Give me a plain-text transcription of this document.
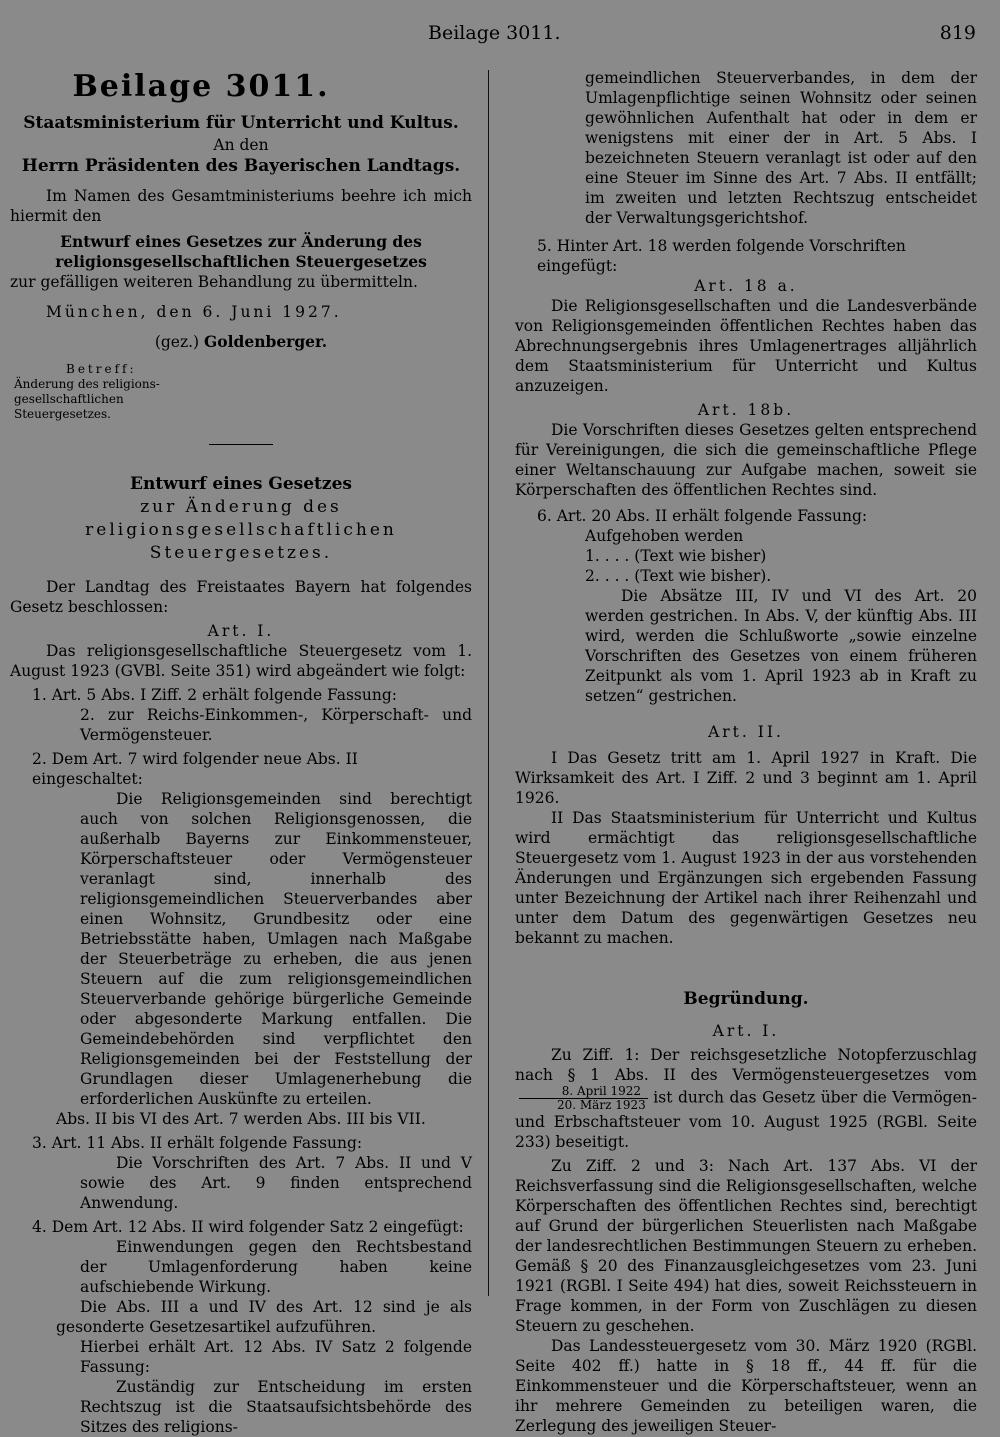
Beilage 3011.	819

Beilage 3011.

Staatsministerium für Unterricht und Kultus.

An den

Herrn Präsidenten des Bayerischen Landtags.

Im Namen des Gesamtministeriums beehre ich mich hiermit den

Entwurf eines Gesetzes zur Änderung des religionsgesellschaftlichen Steuergesetzes

zur gefälligen weiteren Behandlung zu übermitteln.

München, den 6. Juni 1927.

(gez.) Goldenberger.

Betreff:

Änderung des religions-gesellschaftlichen Steuergesetzes.

Entwurf eines Gesetzes

zur Änderung des religionsgesellschaftlichen Steuergesetzes.

Der Landtag des Freistaates Bayern hat folgendes Gesetz beschlossen:

Art. I.

Das religionsgesellschaftliche Steuergesetz vom 1. August 1923 (GVBl. Seite 351) wird abgeändert wie folgt:

1. Art. 5 Abs. I Ziff. 2 erhält folgende Fassung:

2. zur Reichs-Einkommen-, Körperschaft- und Vermögensteuer.

2. Dem Art. 7 wird folgender neue Abs. II eingeschaltet:

Die Religionsgemeinden sind berechtigt auch von solchen Religionsgenossen, die außerhalb Bayerns zur Einkommensteuer, Körperschaftsteuer oder Vermögensteuer veranlagt sind, innerhalb des religionsgemeindlichen Steuerverbandes aber einen Wohnsitz, Grundbesitz oder eine Betriebsstätte haben, Umlagen nach Maßgabe der Steuerbeträge zu erheben, die aus jenen Steuern auf die zum religionsgemeindlichen Steuerverbande gehörige bürgerliche Gemeinde oder abgesonderte Markung entfallen. Die Gemeindebehörden sind verpflichtet den Religionsgemeinden bei der Feststellung der Grundlagen dieser Umlagenerhebung die erforderlichen Auskünfte zu erteilen.

Abs. II bis VI des Art. 7 werden Abs. III bis VII.

3. Art. 11 Abs. II erhält folgende Fassung:

Die Vorschriften des Art. 7 Abs. II und V sowie des Art. 9 finden entsprechend Anwendung.

4. Dem Art. 12 Abs. II wird folgender Satz 2 eingefügt:

Einwendungen gegen den Rechtsbestand der Umlagenforderung haben keine aufschiebende Wirkung.

Die Abs. III a und IV des Art. 12 sind je als gesonderte Gesetzesartikel aufzuführen.

Hierbei erhält Art. 12 Abs. IV Satz 2 folgende Fassung:

Zuständig zur Entscheidung im ersten Rechtszug ist die Staatsaufsichtsbehörde des Sitzes des religions-

gemeindlichen Steuerverbandes, in dem der Umlagenpflichtige seinen Wohnsitz oder seinen gewöhnlichen Aufenthalt hat oder in dem er wenigstens mit einer der in Art. 5 Abs. I bezeichneten Steuern veranlagt ist oder auf den eine Steuer im Sinne des Art. 7 Abs. II entfällt; im zweiten und letzten Rechtszug entscheidet der Verwaltungsgerichtshof.

5. Hinter Art. 18 werden folgende Vorschriften eingefügt:

Art. 18 a.

Die Religionsgesellschaften und die Landesverbände von Religionsgemeinden öffentlichen Rechtes haben das Abrechnungsergebnis ihres Umlagenertrages alljährlich dem Staatsministerium für Unterricht und Kultus anzuzeigen.

Art. 18b.

Die Vorschriften dieses Gesetzes gelten entsprechend für Vereinigungen, die sich die gemeinschaftliche Pflege einer Weltanschauung zur Aufgabe machen, soweit sie Körperschaften des öffentlichen Rechtes sind.

6. Art. 20 Abs. II erhält folgende Fassung:

Aufgehoben werden

1. . . . (Text wie bisher)

2. . . . (Text wie bisher).

Die Absätze III, IV und VI des Art. 20 werden gestrichen. In Abs. V, der künftig Abs. III wird, werden die Schlußworte „sowie einzelne Vorschriften des Gesetzes von einem früheren Zeitpunkt als vom 1. April 1923 ab in Kraft zu setzen“ gestrichen.

Art. II.

I Das Gesetz tritt am 1. April 1927 in Kraft. Die Wirksamkeit des Art. I Ziff. 2 und 3 beginnt am 1. April 1926.

II Das Staatsministerium für Unterricht und Kultus wird ermächtigt das religionsgesellschaftliche Steuergesetz vom 1. August 1923 in der aus vorstehenden Änderungen und Ergänzungen sich ergebenden Fassung unter Bezeichnung der Artikel nach ihrer Reihenzahl und unter dem Datum des gegenwärtigen Gesetzes neu bekannt zu machen.

Begründung.

Art. I.

Zu Ziff. 1: Der reichsgesetzliche Notopferzuschlag nach § 1 Abs. II des Vermögensteuergesetzes vom
$\frac{\text{8. April 1922}}{\text{20. März 1923}}$ ist durch das Gesetz über die Vermögen- und Erbschaftsteuer vom 10. August 1925 (RGBl. Seite 233) beseitigt.

Zu Ziff. 2 und 3: Nach Art. 137 Abs. VI der Reichsverfassung sind die Religionsgesellschaften, welche Körperschaften des öffentlichen Rechtes sind, berechtigt auf Grund der bürgerlichen Steuerlisten nach Maßgabe der landesrechtlichen Bestimmungen Steuern zu erheben. Gemäß § 20 des Finanzausgleichgesetzes vom 23. Juni 1921 (RGBl. I Seite 494) hat dies, soweit Reichssteuern in Frage kommen, in der Form von Zuschlägen zu diesen Steuern zu geschehen.

Das Landessteuergesetz vom 30. März 1920 (RGBl. Seite 402 ff.) hatte in § 18 ff., 44 ff. für die Einkommensteuer und die Körperschaftsteuer, wenn an ihr mehrere Gemeinden zu beteiligen waren, die Zerlegung des jeweiligen Steuer-
